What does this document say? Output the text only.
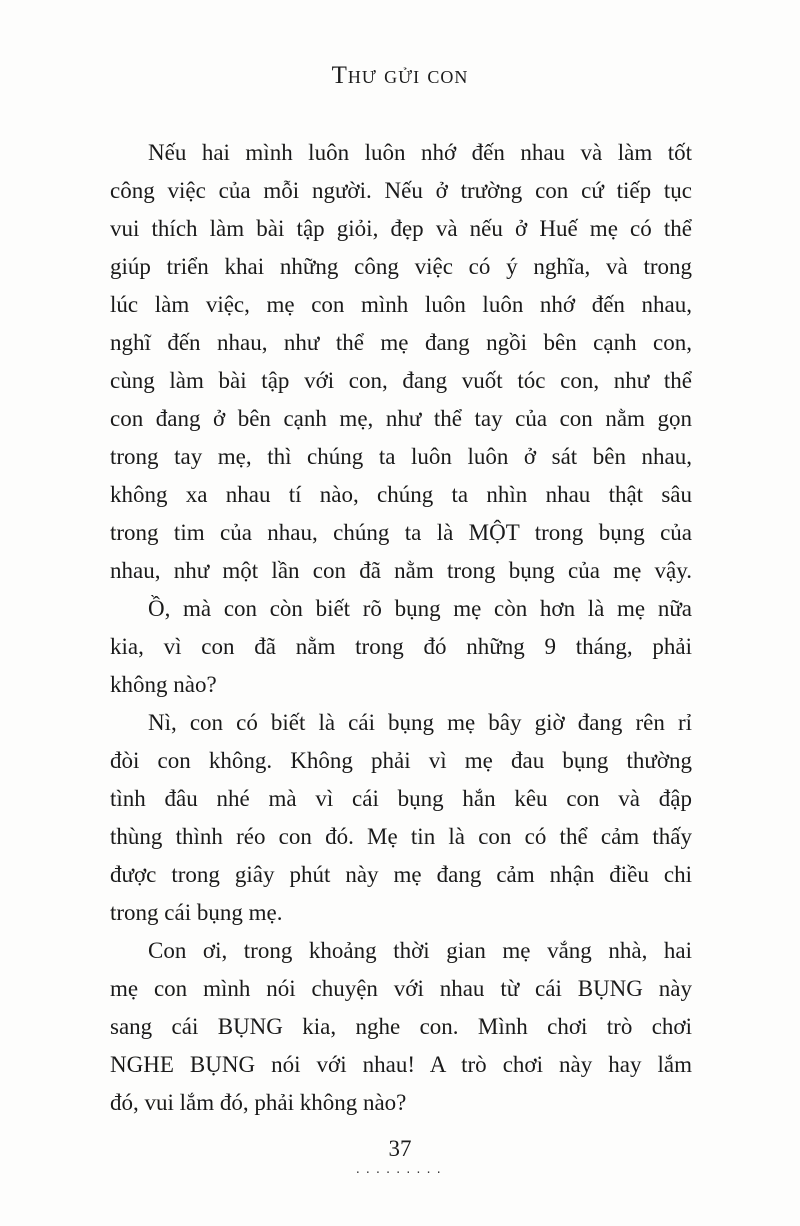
Thư gửi con
Nếu hai mình luôn luôn nhớ đến nhau và làm tốt
công việc của mỗi người. Nếu ở trường con cứ tiếp tục
vui thích làm bài tập giỏi, đẹp và nếu ở Huế mẹ có thể
giúp triển khai những công việc có ý nghĩa, và trong
lúc làm việc, mẹ con mình luôn luôn nhớ đến nhau,
nghĩ đến nhau, như thể mẹ đang ngồi bên cạnh con,
cùng làm bài tập với con, đang vuốt tóc con, như thể
con đang ở bên cạnh mẹ, như thể tay của con nằm gọn
trong tay mẹ, thì chúng ta luôn luôn ở sát bên nhau,
không xa nhau tí nào, chúng ta nhìn nhau thật sâu
trong tim của nhau, chúng ta là MỘT trong bụng của
nhau, như một lần con đã nằm trong bụng của mẹ vậy.
Ồ, mà con còn biết rõ bụng mẹ còn hơn là mẹ nữa
kia, vì con đã nằm trong đó những 9 tháng, phải
không nào?
Nì, con có biết là cái bụng mẹ bây giờ đang rên rỉ
đòi con không. Không phải vì mẹ đau bụng thường
tình đâu nhé mà vì cái bụng hắn kêu con và đập
thùng thình réo con đó. Mẹ tin là con có thể cảm thấy
được trong giây phút này mẹ đang cảm nhận điều chi
trong cái bụng mẹ.
Con ơi, trong khoảng thời gian mẹ vắng nhà, hai
mẹ con mình nói chuyện với nhau từ cái BỤNG này
sang cái BỤNG kia, nghe con. Mình chơi trò chơi
NGHE BỤNG nói với nhau! A trò chơi này hay lắm
đó, vui lắm đó, phải không nào?
37
.........
